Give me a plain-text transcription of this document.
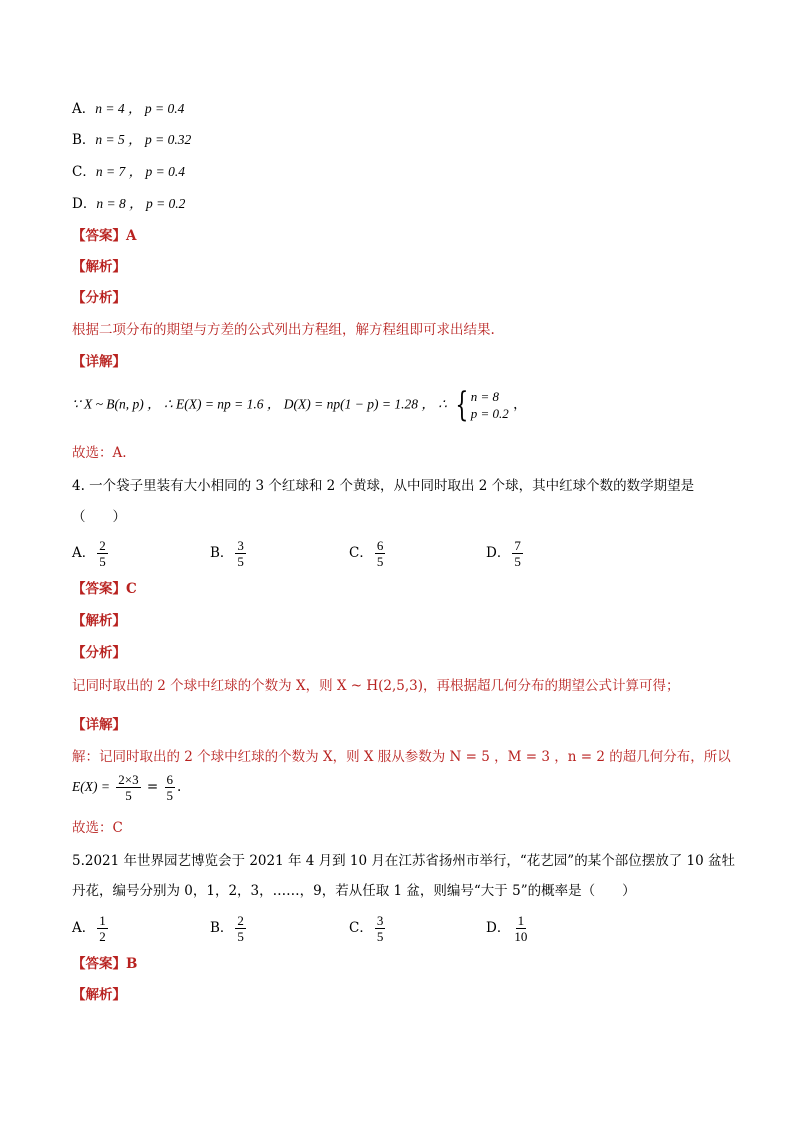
A．n = 4 ， p = 0.4
B．n = 5 ， p = 0.32
C．n = 7 ， p = 0.4
D．n = 8 ， p = 0.2
【答案】A
【解析】
【分析】
根据二项分布的期望与方差的公式列出方程组，解方程组即可求出结果.
【详解】
∵ X ~ B(n, p) ， ∴ E(X) = np = 1.6 ， D(X) = np(1 − p) = 1.28 ， ∴ { n = 8
p = 0.2
，
故选：A.
4. 一个袋子里装有大小相同的 3 个红球和 2 个黄球，从中同时取出 2 个球，其中红球个数的数学期望是
（　　）
A． $\frac{2}{5}$	B． $\frac{3}{5}$	C． $\frac{6}{5}$	D． $\frac{7}{5}$
【答案】C
【解析】
【分析】
记同时取出的 2 个球中红球的个数为 X，则 X ~ H(2,5,3)，再根据超几何分布的期望公式计算可得；
【详解】
解：记同时取出的 2 个球中红球的个数为 X，则 X 服从参数为 N = 5 ，M = 3 ，n = 2 的超几何分布，所以
$E(X) = \frac{2\times 3}{5} = \frac{6}{5}$ .
故选：C
5.2021 年世界园艺博览会于 2021 年 4 月到 10 月在江苏省扬州市举行，“花艺园”的某个部位摆放了 10 盆牡
丹花，编号分别为 0，1，2，3，……，9，若从任取 1 盆，则编号“大于 5”的概率是（　　）
A． $\frac{1}{2}$	B． $\frac{2}{5}$	C． $\frac{3}{5}$	D． $\frac{1}{10}$
【答案】B
【解析】
